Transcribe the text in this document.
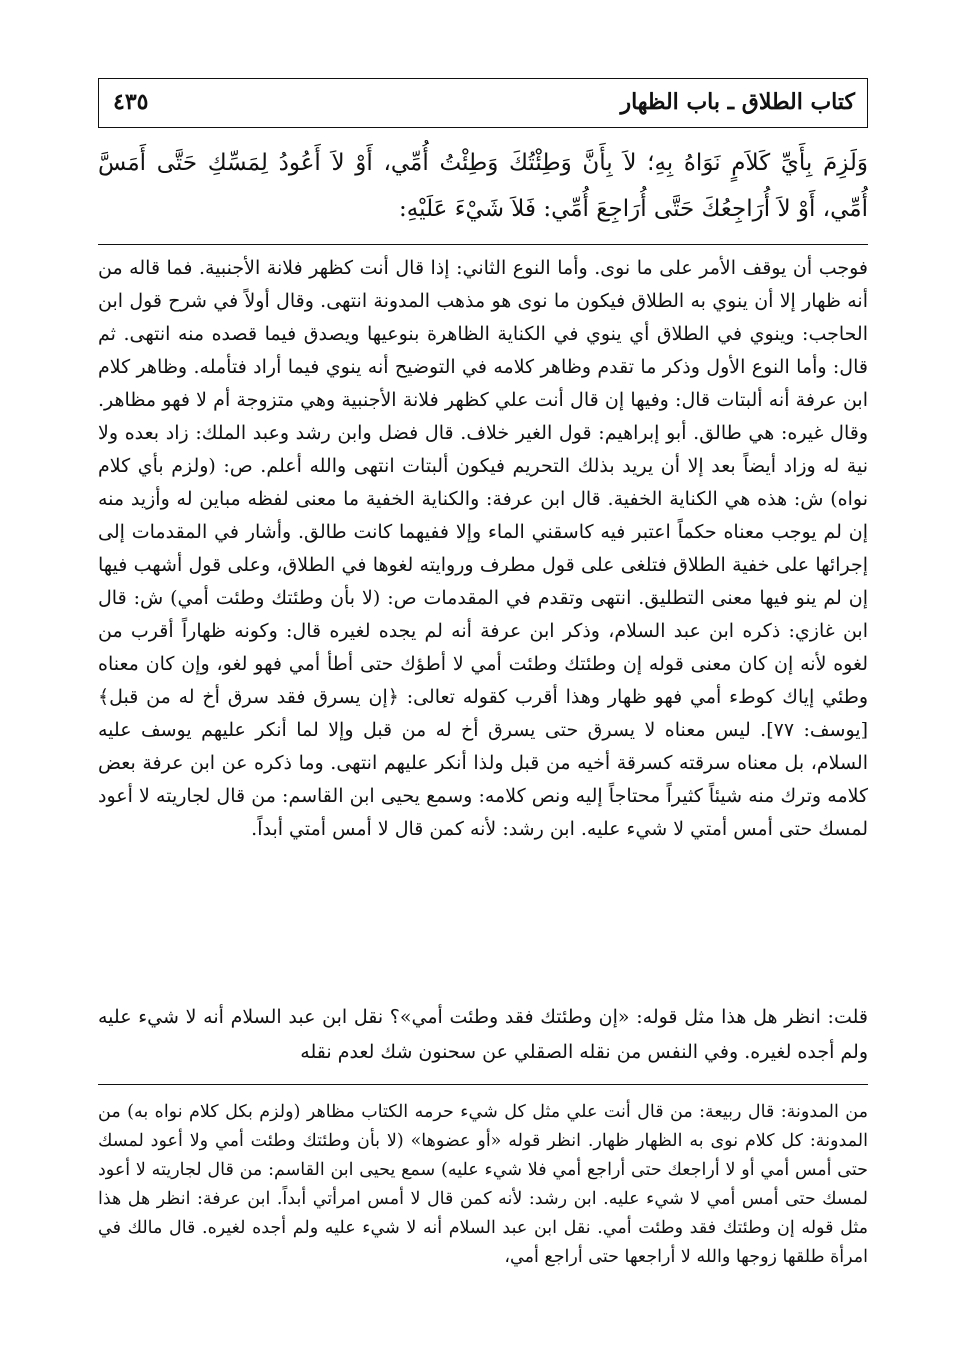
كتاب الطلاق ـ باب الظهار
٤٣٥

وَلَزِمَ بِأَيِّ كَلاَمٍ نَوَاهُ بِهِ؛ لاَ بِأَنَّ وَطِئْتُكَ وَطِئْتُ أُمِّي، أَوْ لاَ أَعُودُ لِمَسِّكِ حَتَّى أَمَسَّ أُمِّي، أَوْ لاَ أُرَاجِعُكَ حَتَّى أُرَاجِعَ أُمِّي: فَلاَ شَيْءَ عَلَيْهِ:

فوجب أن يوقف الأمر على ما نوى. وأما النوع الثاني: إذا قال أنت كظهر فلانة الأجنبية. فما قاله من أنه ظهار إلا أن ينوي به الطلاق فيكون ما نوى هو مذهب المدونة انتهى. وقال أولاً في شرح قول ابن الحاجب: وينوي في الطلاق أي ينوي في الكناية الظاهرة بنوعيها ويصدق فيما قصده منه انتهى. ثم قال: وأما النوع الأول وذكر ما تقدم وظاهر كلامه في التوضيح أنه ينوي فيما أراد فتأمله. وظاهر كلام ابن عرفة أنه ألبتات قال: وفيها إن قال أنت علي كظهر فلانة الأجنبية وهي متزوجة أم لا فهو مظاهر. وقال غيره: هي طالق. أبو إبراهيم: قول الغير خلاف. قال فضل وابن رشد وعبد الملك: زاد بعده ولا نية له وزاد أيضاً بعد إلا أن يريد بذلك التحريم فيكون ألبتات انتهى والله أعلم. ص: (ولزم بأي كلام نواه) ش: هذه هي الكناية الخفية. قال ابن عرفة: والكناية الخفية ما معنى لفظه مباين له وأزيد منه إن لم يوجب معناه حكماً اعتبر فيه كاسقني الماء وإلا ففيهما كانت طالق. وأشار في المقدمات إلى إجرائها على خفية الطلاق فتلغى على قول مطرف وروايته لغوها في الطلاق، وعلى قول أشهب فيها إن لم ينو فيها معنى التطليق. انتهى وتقدم في المقدمات ص: (لا بأن وطئتك وطئت أمي) ش: قال ابن غازي: ذكره ابن عبد السلام، وذكر ابن عرفة أنه لم يجده لغيره قال: وكونه ظهاراً أقرب من لغوه لأنه إن كان معنى قوله إن وطئتك وطئت أمي لا أطؤك حتى أطأ أمي فهو لغو، وإن كان معناه وطئي إياك كوطء أمي فهو ظهار وهذا أقرب كقوله تعالى: ﴿إن يسرق فقد سرق أخ له من قبل﴾ [يوسف: ٧٧]. ليس معناه لا يسرق حتى يسرق أخ له من قبل وإلا لما أنكر عليهم يوسف عليه السلام، بل معناه سرقته كسرقة أخيه من قبل ولذا أنكر عليهم انتهى. وما ذكره عن ابن عرفة بعض كلامه وترك منه شيئاً كثيراً محتاجاً إليه ونص كلامه: وسمع يحيى ابن القاسم: من قال لجاريته لا أعود لمسك حتى أمس أمتي لا شيء عليه. ابن رشد: لأنه كمن قال لا أمس أمتي أبداً.

قلت: انظر هل هذا مثل قوله: «إن وطئتك فقد وطئت أمي»؟ نقل ابن عبد السلام أنه لا شيء عليه ولم أجده لغيره. وفي النفس من نقله الصقلي عن سحنون شك لعدم نقله

من المدونة: قال ربيعة: من قال أنت علي مثل كل شيء حرمه الكتاب مظاهر (ولزم بكل كلام نواه به) من المدونة: كل كلام نوى به الظهار ظهار. انظر قوله «أو عضوها» (لا بأن وطئتك وطئت أمي ولا أعود لمسك حتى أمس أمي أو لا أراجعك حتى أراجع أمي فلا شيء عليه) سمع يحيى ابن القاسم: من قال لجاريته لا أعود لمسك حتى أمس أمي لا شيء عليه. ابن رشد: لأنه كمن قال لا أمس امرأتي أبداً. ابن عرفة: انظر هل هذا مثل قوله إن وطئتك فقد وطئت أمي. نقل ابن عبد السلام أنه لا شيء عليه ولم أجده لغيره. قال مالك في امرأة طلقها زوجها والله لا أراجعها حتى أراجع أمي،
